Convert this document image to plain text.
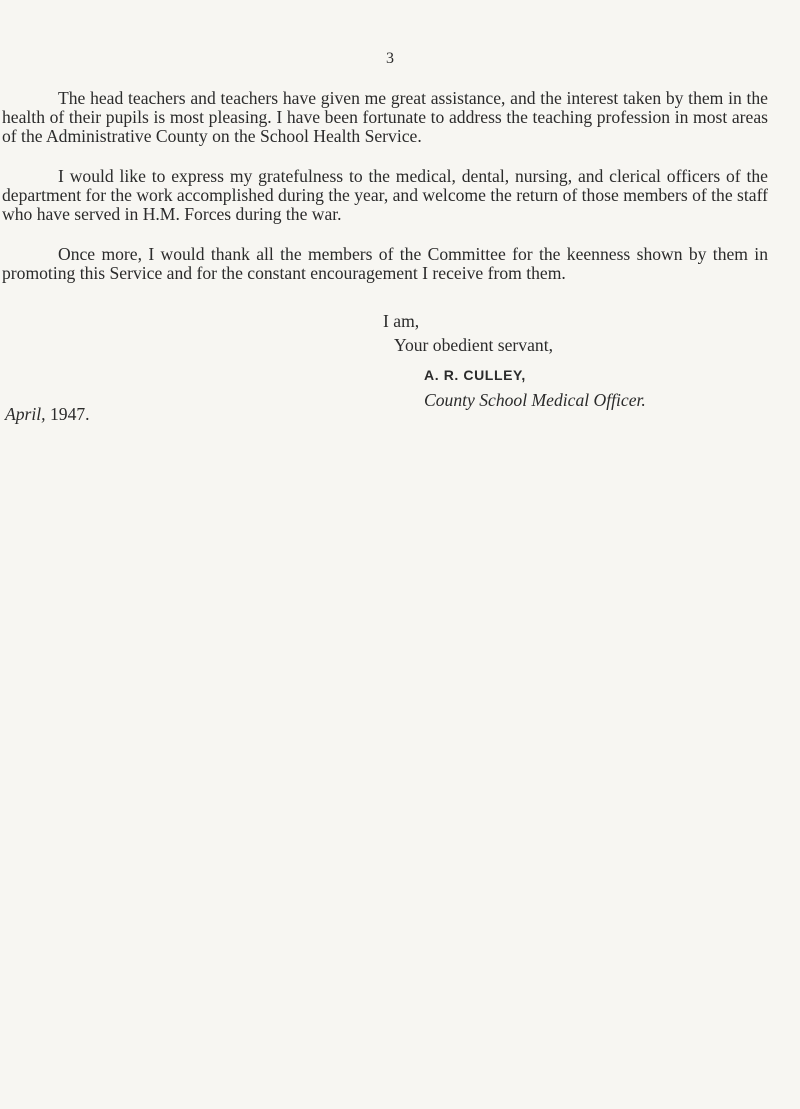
3

The head teachers and teachers have given me great assistance, and the interest taken by them in the health of their pupils is most pleasing. I have been fortunate to address the teaching profession in most areas of the Administrative County on the School Health Service.

I would like to express my gratefulness to the medical, dental, nursing, and clerical officers of the department for the work accomplished during the year, and welcome the return of those members of the staff who have served in H.M. Forces during the war.

Once more, I would thank all the members of the Committee for the keenness shown by them in promoting this Service and for the constant encouragement I receive from them.

I am,
Your obedient servant,
A. R. CULLEY,
County School Medical Officer.
April, 1947.
